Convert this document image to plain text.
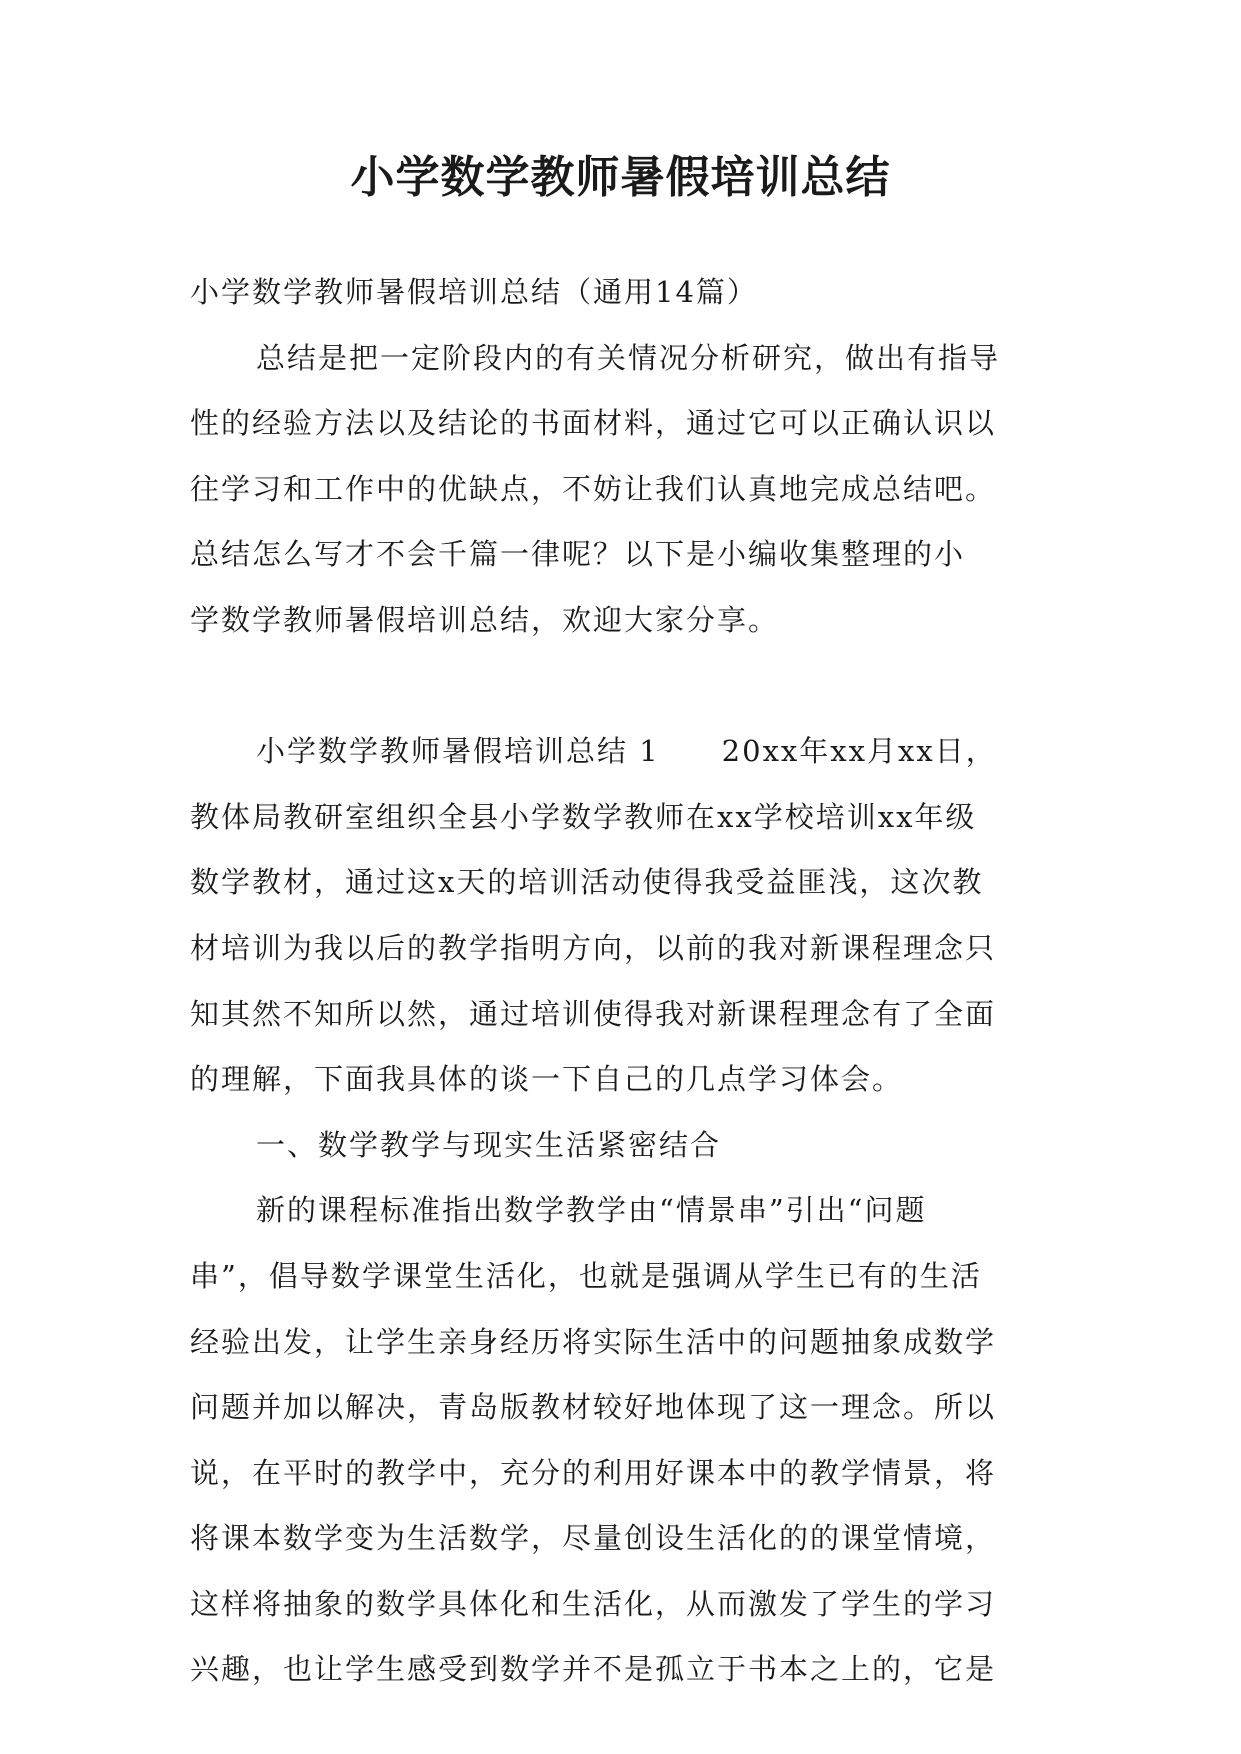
小学数学教师暑假培训总结
小学数学教师暑假培训总结（通用14篇）
总结是把一定阶段内的有关情况分析研究，做出有指导
性的经验方法以及结论的书面材料，通过它可以正确认识以
往学习和工作中的优缺点，不妨让我们认真地完成总结吧。
总结怎么写才不会千篇一律呢？以下是小编收集整理的小
学数学教师暑假培训总结，欢迎大家分享。
小学数学教师暑假培训总结 1　　20xx年xx月xx日，
教体局教研室组织全县小学数学教师在xx学校培训xx年级
数学教材，通过这x天的培训活动使得我受益匪浅，这次教
材培训为我以后的教学指明方向，以前的我对新课程理念只
知其然不知所以然，通过培训使得我对新课程理念有了全面
的理解，下面我具体的谈一下自己的几点学习体会。
一、数学教学与现实生活紧密结合
新的课程标准指出数学教学由“情景串”引出“问题
串”，倡导数学课堂生活化，也就是强调从学生已有的生活
经验出发，让学生亲身经历将实际生活中的问题抽象成数学
问题并加以解决，青岛版教材较好地体现了这一理念。所以
说，在平时的教学中，充分的利用好课本中的教学情景，将
将课本数学变为生活数学，尽量创设生活化的的课堂情境，
这样将抽象的数学具体化和生活化，从而激发了学生的学习
兴趣，也让学生感受到数学并不是孤立于书本之上的，它是
